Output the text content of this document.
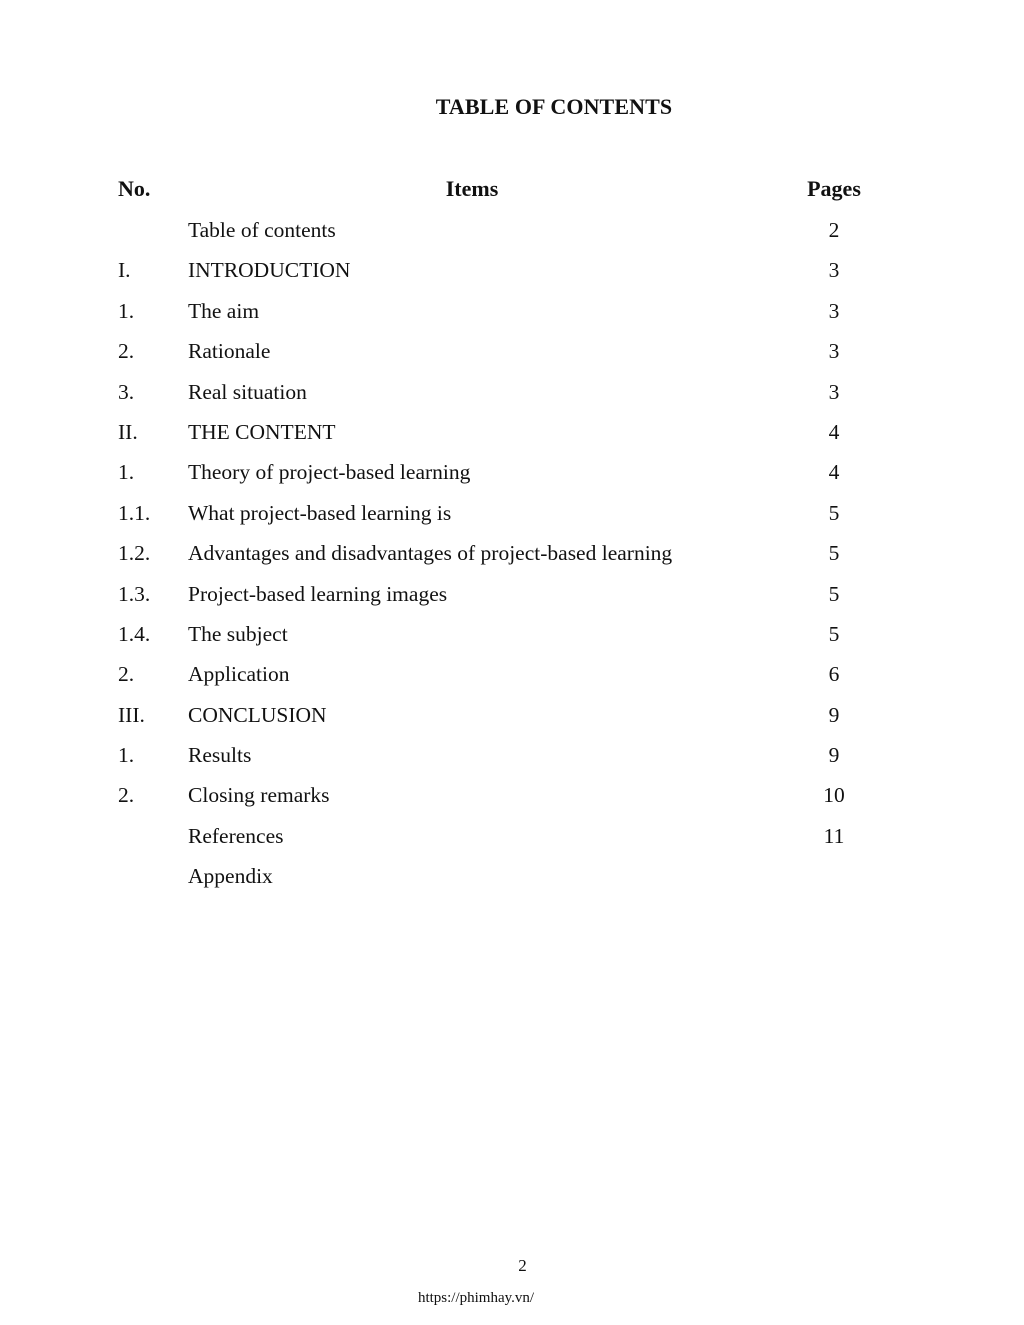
TABLE OF CONTENTS
No.	Items	Pages
Table of contents	2
I.	INTRODUCTION	3
1.	The aim	3
2.	Rationale	3
3.	Real situation	3
II. THE CONTENT	4
1.	Theory of project-based learning	4
1.1. What project-based learning is	5
1.2. Advantages and disadvantages of project-based learning	5
1.3. Project-based learning images	5
1.4. The subject	5
2.	Application	6
III. CONCLUSION	9
1.	Results	9
2.	Closing remarks	10
References	11
Appendix
2
https://phimhay.vn/
